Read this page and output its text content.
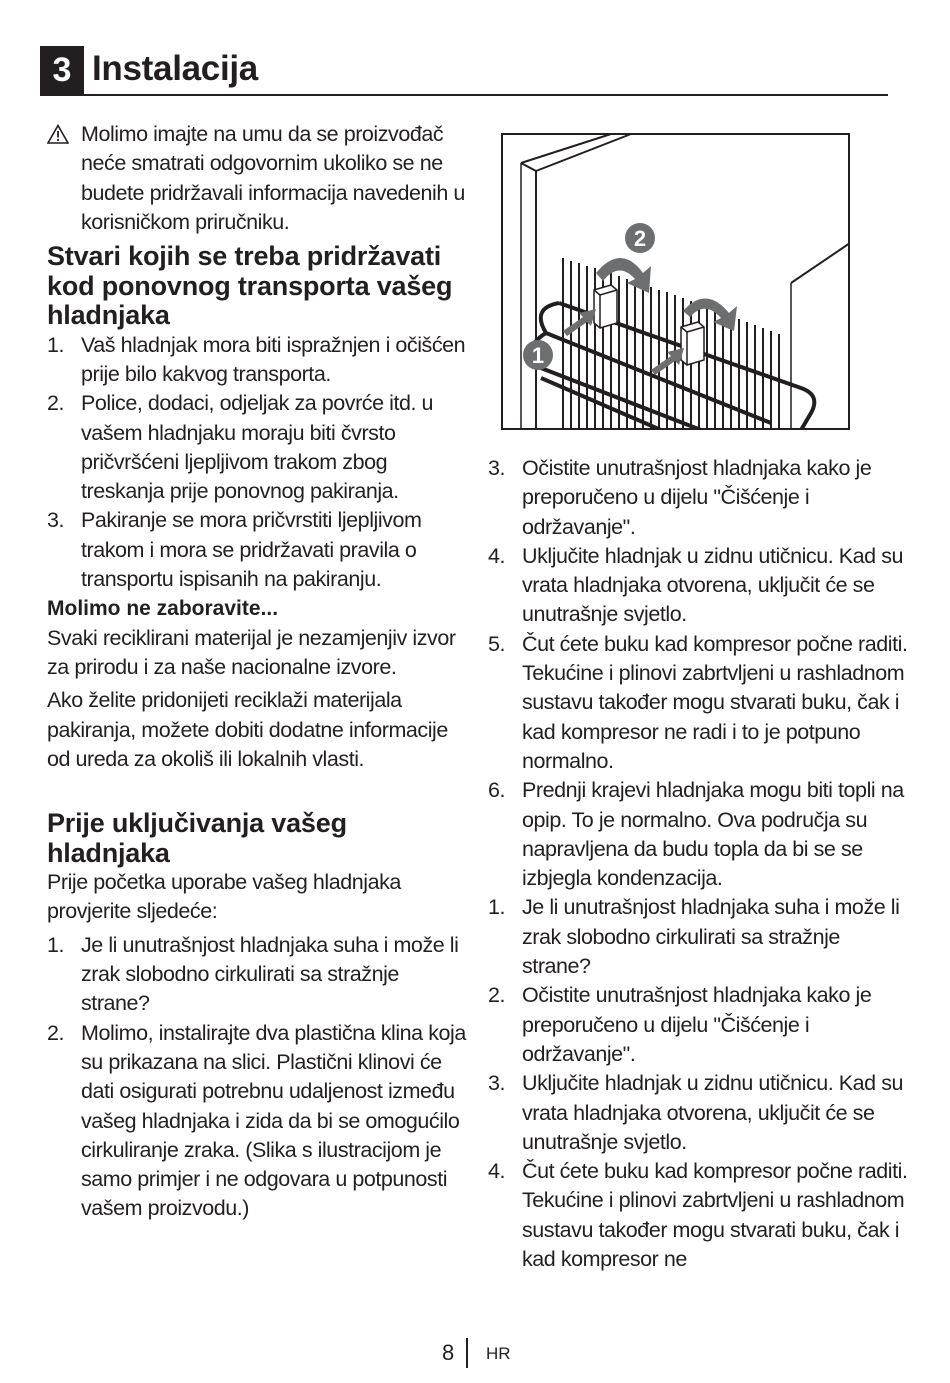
3 Instalacija

Molimo imajte na umu da se proizvođač neće smatrati odgovornim ukoliko se ne budete pridržavali informacija navedenih u korisničkom priručniku.

Stvari kojih se treba pridržavati kod ponovnog transporta vašeg hladnjaka
1. Vaš hladnjak mora biti ispražnjen i očišćen prije bilo kakvog transporta.
2. Police, dodaci, odjeljak za povrće itd. u vašem hladnjaku moraju biti čvrsto pričvršćeni ljepljivom trakom zbog treskanja prije ponovnog pakiranja.
3. Pakiranje se mora pričvrstiti ljepljivom trakom i mora se pridržavati pravila o transportu ispisanih na pakiranju.
Molimo ne zaboravite...

Svaki reciklirani materijal je nezamjenjiv izvor za prirodu i za naše nacionalne izvore.

Ako želite pridonijeti reciklaži materijala pakiranja, možete dobiti dodatne informacije od ureda za okoliš ili lokalnih vlasti.

Prije uključivanja vašeg hladnjaka

Prije početka uporabe vašeg hladnjaka provjerite sljedeće:

1. Je li unutrašnjost hladnjaka suha i može li zrak slobodno cirkulirati sa stražnje strane?
2. Molimo, instalirajte dva plastična klina koja su prikazana na slici. Plastični klinovi će dati osigurati potrebnu udaljenost između vašeg hladnjaka i zida da bi se omogućilo cirkuliranje zraka. (Slika s ilustracijom je samo primjer i ne odgovara u potpunosti vašem proizvodu.)
2
1
3. Očistite unutrašnjost hladnjaka kako je preporučeno u dijelu "Čišćenje i održavanje".
4. Uključite hladnjak u zidnu utičnicu. Kad su vrata hladnjaka otvorena, uključit će se unutrašnje svjetlo.
5. Čut ćete buku kad kompresor počne raditi. Tekućine i plinovi zabrtvljeni u rashladnom sustavu također mogu stvarati buku, čak i kad kompresor ne radi i to je potpuno normalno.
6. Prednji krajevi hladnjaka mogu biti topli na opip. To je normalno. Ova područja su napravljena da budu topla da bi se se izbjegla kondenzacija.
1. Je li unutrašnjost hladnjaka suha i može li zrak slobodno cirkulirati sa stražnje strane?
2. Očistite unutrašnjost hladnjaka kako je preporučeno u dijelu "Čišćenje i održavanje".
3. Uključite hladnjak u zidnu utičnicu. Kad su vrata hladnjaka otvorena, uključit će se unutrašnje svjetlo.
4. Čut ćete buku kad kompresor počne raditi. Tekućine i plinovi zabrtvljeni u rashladnom sustavu također mogu stvarati buku, čak i kad kompresor ne
8 HR
